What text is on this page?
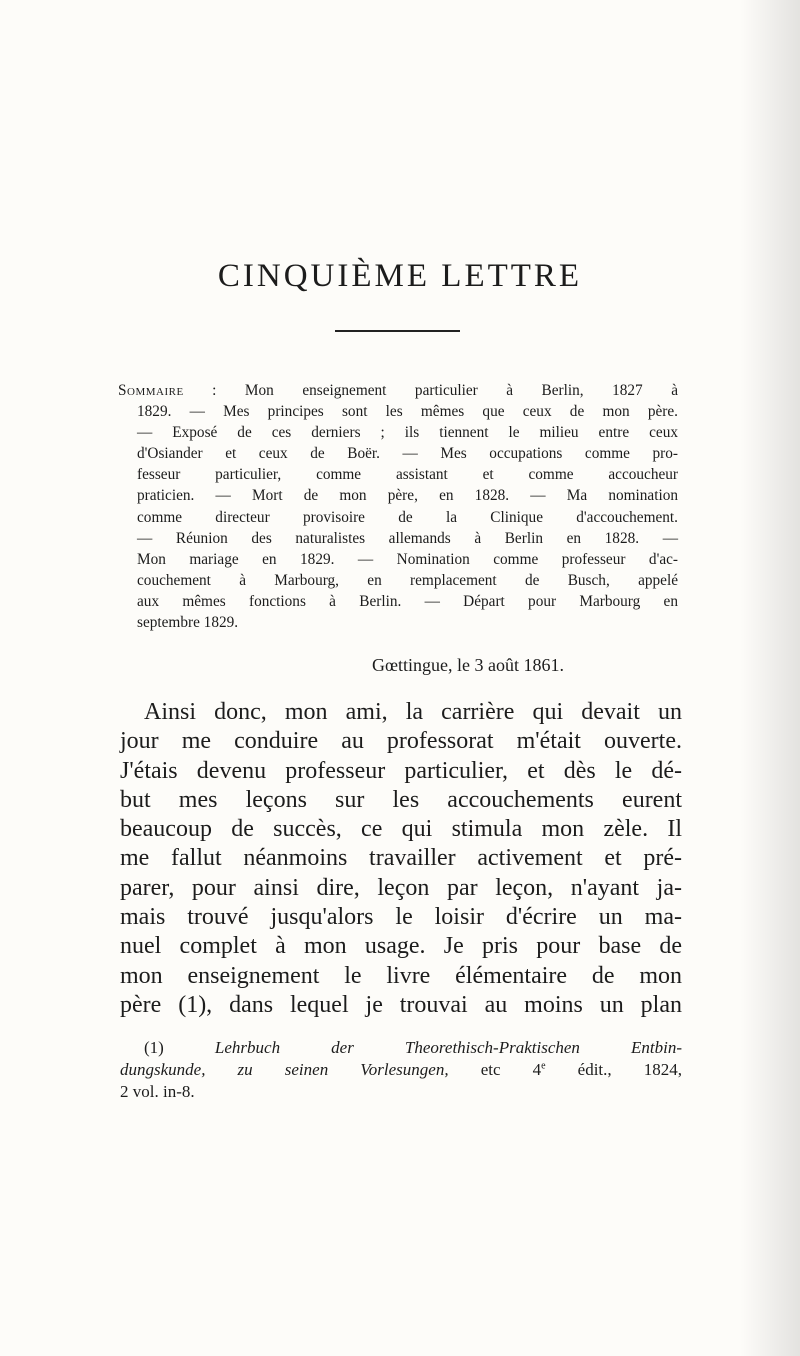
CINQUIÈME LETTRE
Sommaire : Mon enseignement particulier à Berlin, 1827 à
1829. — Mes principes sont les mêmes que ceux de mon père.
— Exposé de ces derniers ; ils tiennent le milieu entre ceux
d'Osiander et ceux de Boër. — Mes occupations comme pro-
fesseur particulier, comme assistant et comme accoucheur
praticien. — Mort de mon père, en 1828. — Ma nomination
comme directeur provisoire de la Clinique d'accouchement.
— Réunion des naturalistes allemands à Berlin en 1828. —
Mon mariage en 1829. — Nomination comme professeur d'ac-
couchement à Marbourg, en remplacement de Busch, appelé
aux mêmes fonctions à Berlin. — Départ pour Marbourg en
septembre 1829.
Gœttingue, le 3 août 1861.
Ainsi donc, mon ami, la carrière qui devait un
jour me conduire au professorat m'était ouverte.
J'étais devenu professeur particulier, et dès le dé-
but mes leçons sur les accouchements eurent
beaucoup de succès, ce qui stimula mon zèle. Il
me fallut néanmoins travailler activement et pré-
parer, pour ainsi dire, leçon par leçon, n'ayant ja-
mais trouvé jusqu'alors le loisir d'écrire un ma-
nuel complet à mon usage. Je pris pour base de
mon enseignement le livre élémentaire de mon
père (1), dans lequel je trouvai au moins un plan
(1)	Lehrbuch der Theorethisch-Praktischen Entbin-
dungskunde, zu seinen Vorlesungen, etc 4e édit., 1824,
2 vol. in-8.
